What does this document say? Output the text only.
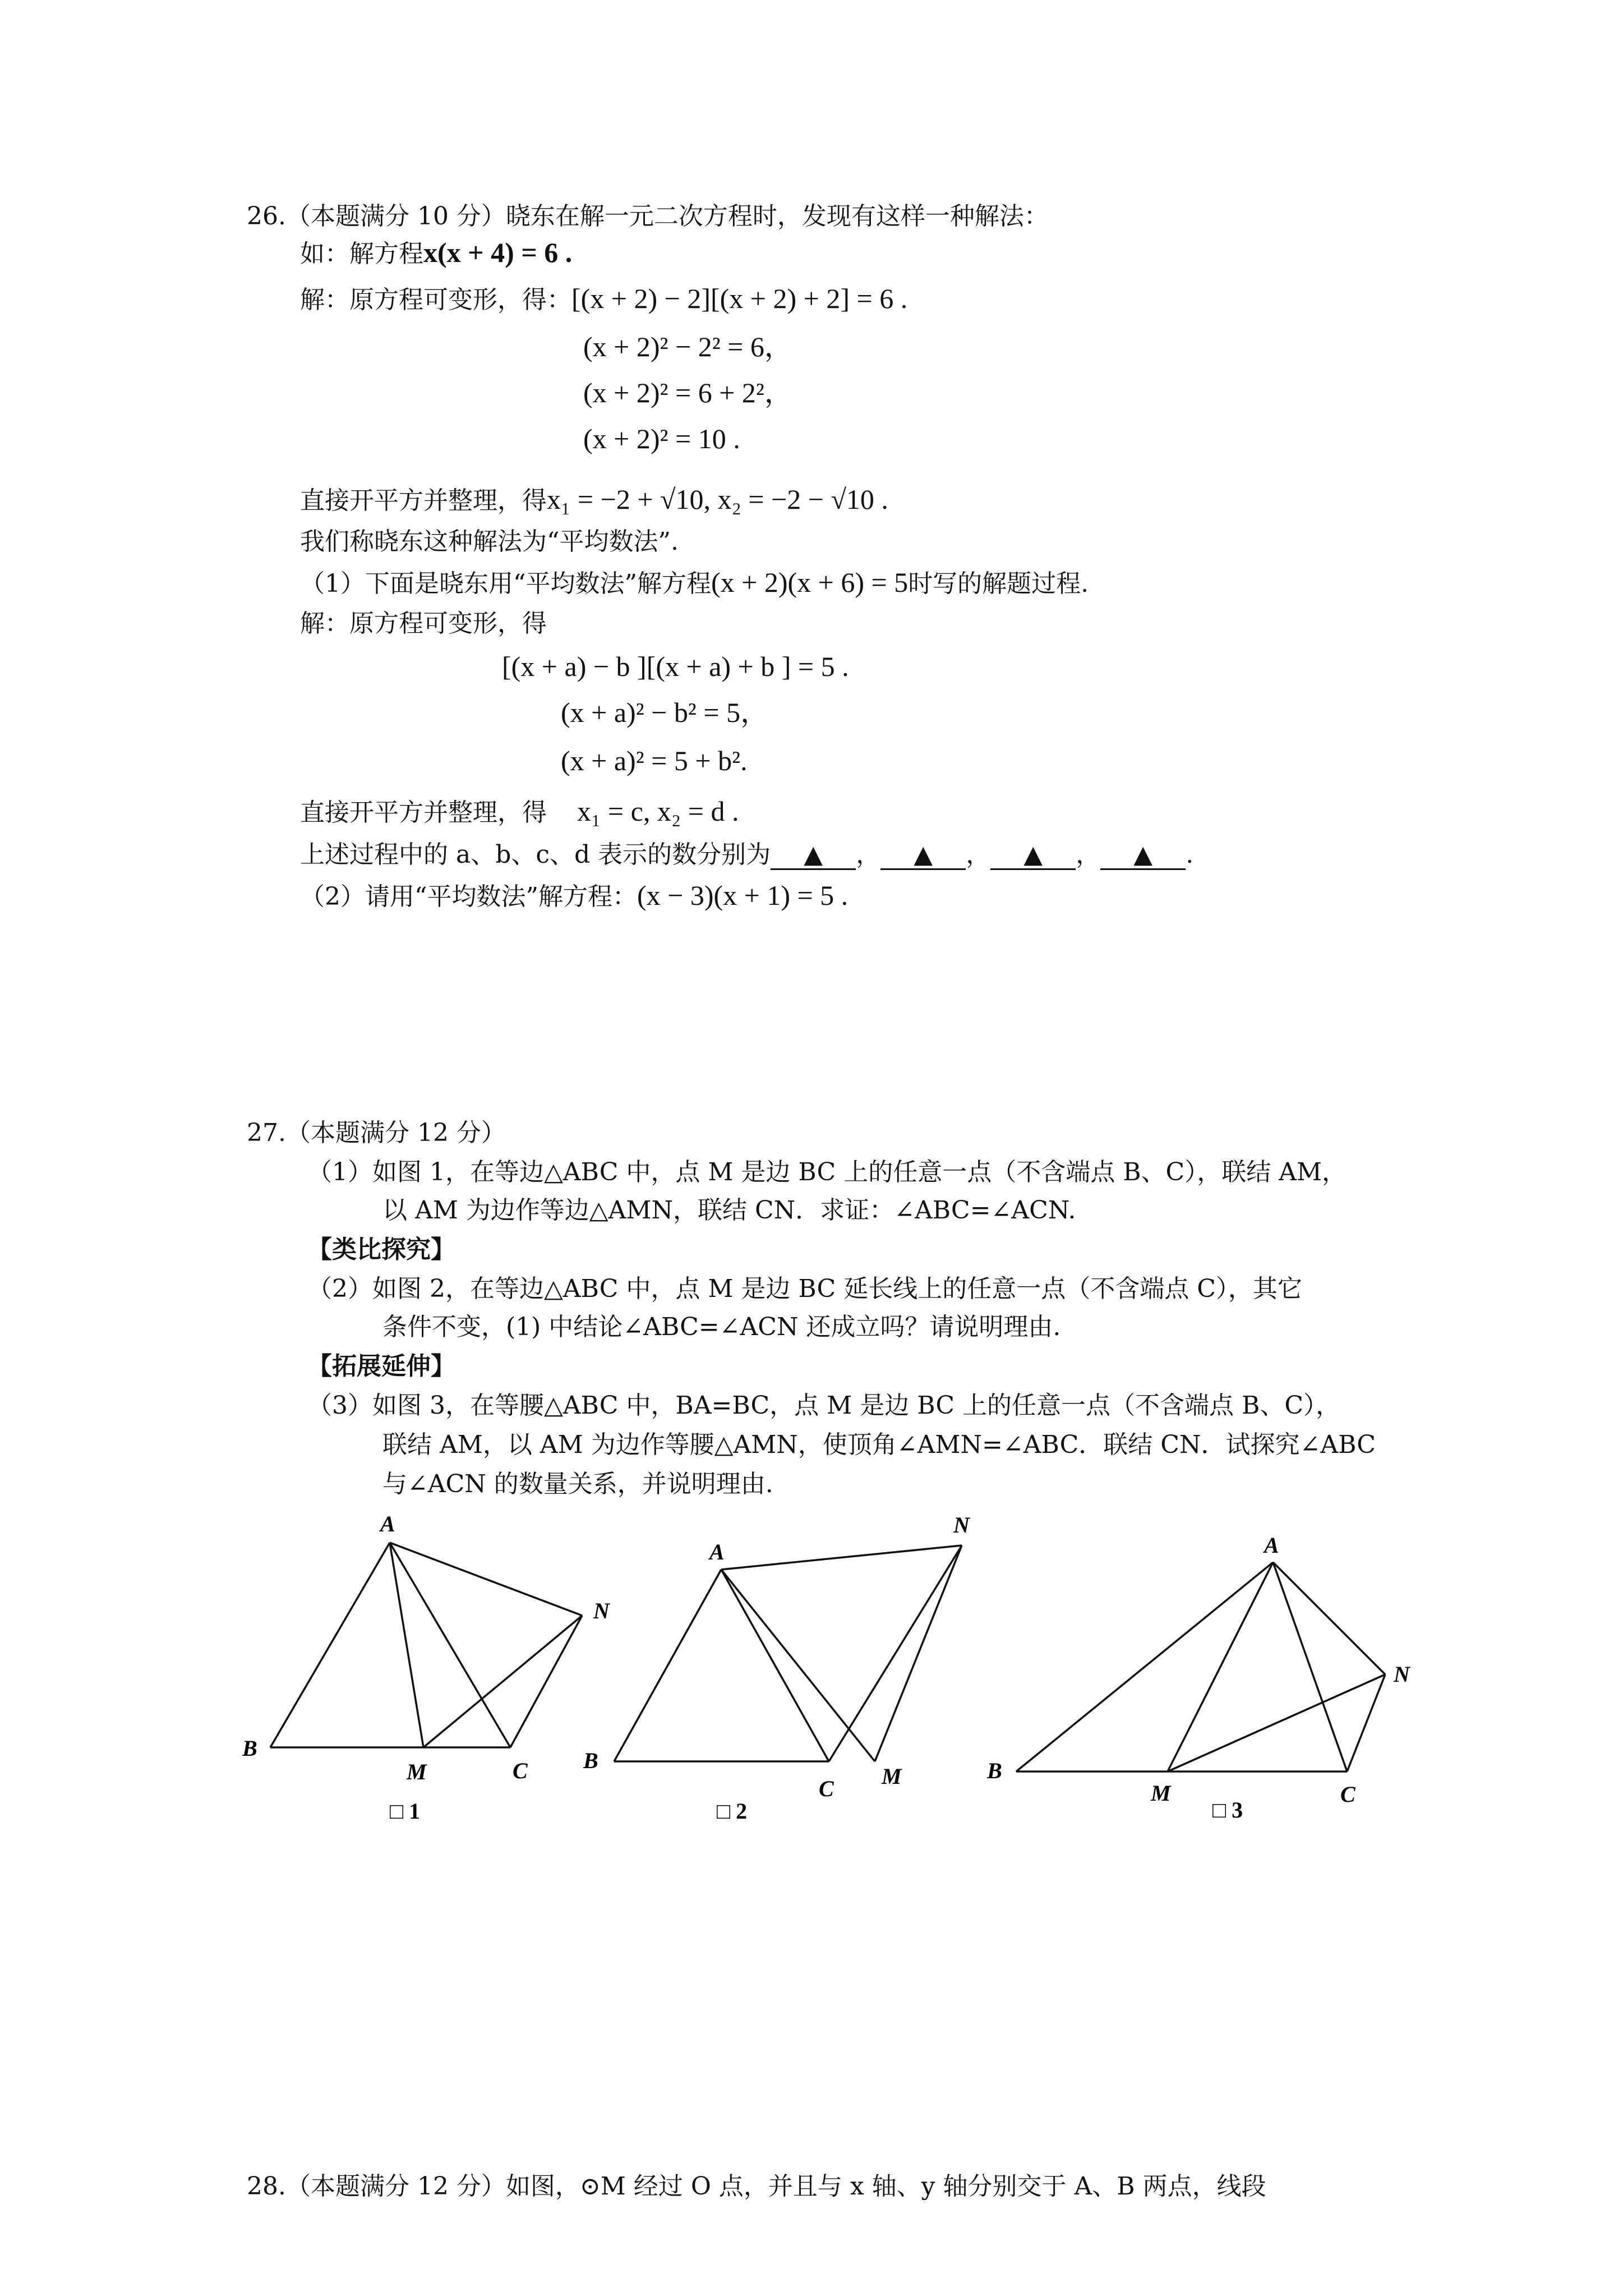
26.（本题满分 10 分）晓东在解一元二次方程时，发现有这样一种解法：
如：解方程x(x + 4) = 6 .
解：原方程可变形，得：[(x + 2) − 2][(x + 2) + 2] = 6 .
(x + 2)² − 2² = 6，
(x + 2)² = 6 + 2²，
(x + 2)² = 10 .
直接开平方并整理，得x₁ = −2 + √10, x₂ = −2 − √10 .
我们称晓东这种解法为“平均数法”.
（1）下面是晓东用“平均数法”解方程(x + 2)(x + 6) = 5时写的解题过程.
解：原方程可变形，得
[(x + a) − b ][(x + a) + b ] = 5 .
(x + a)² − b² = 5，
(x + a)² = 5 + b².
直接开平方并整理，得 x₁ = c, x₂ = d .
上述过程中的 a、b、c、d 表示的数分别为 ▲ ， ▲ ， ▲ ， ▲ .
（2）请用“平均数法”解方程：(x − 3)(x + 1) = 5 .
27.（本题满分 12 分）
（1）如图 1，在等边△ABC 中，点 M 是边 BC 上的任意一点（不含端点 B、C），联结 AM，
以 AM 为边作等边△AMN，联结 CN．求证：∠ABC=∠ACN.
【类比探究】
（2）如图 2，在等边△ABC 中，点 M 是边 BC 延长线上的任意一点（不含端点 C），其它
条件不变，(1) 中结论∠ABC=∠ACN 还成立吗？请说明理由.
【拓展延伸】
（3）如图 3，在等腰△ABC 中，BA=BC，点 M 是边 BC 上的任意一点（不含端点 B、C），
联结 AM，以 AM 为边作等腰△AMN，使顶角∠AMN=∠ABC．联结 CN．试探究∠ABC
与∠ACN 的数量关系，并说明理由.
A
B
C
M
N
□ 1
A
B
C M
N
□ 2
A
B
C
M
N
□ 3
28.（本题满分 12 分）如图，⊙M 经过 O 点，并且与 x 轴、y 轴分别交于 A、B 两点，线段
